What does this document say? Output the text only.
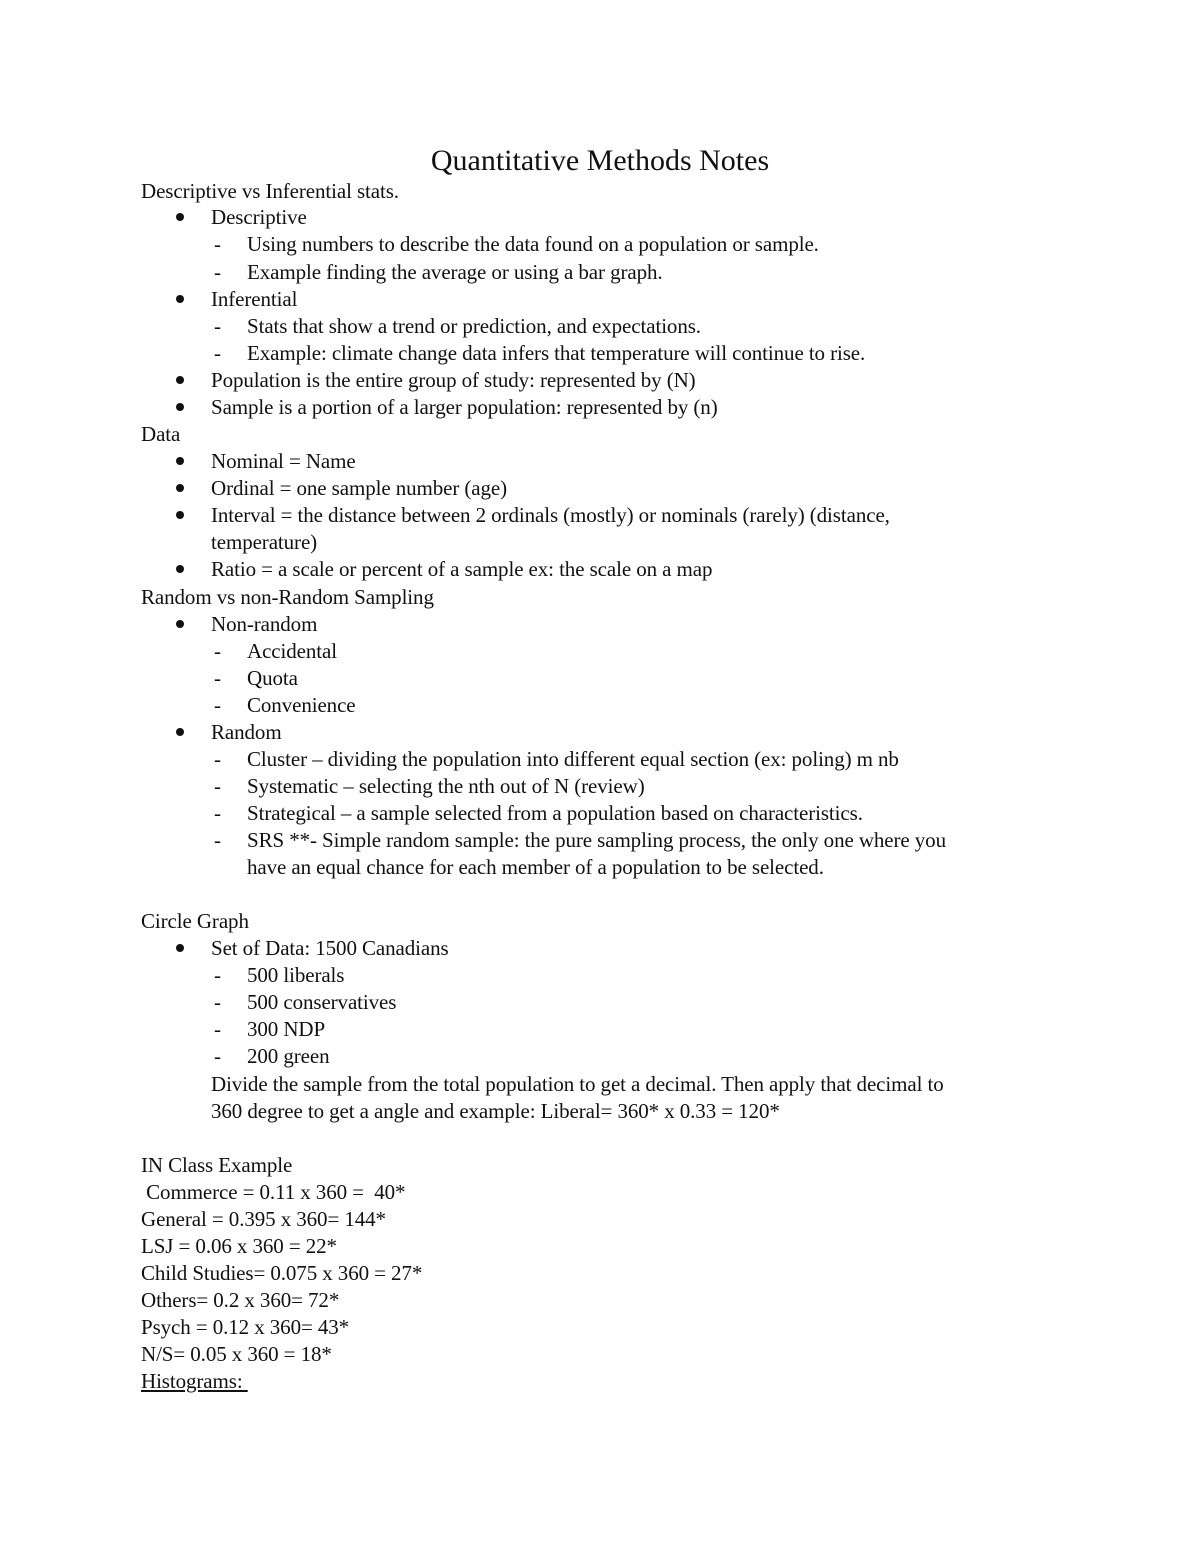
Quantitative Methods Notes
Descriptive vs Inferential stats.
Descriptive
- Using numbers to describe the data found on a population or sample.
- Example finding the average or using a bar graph.
Inferential
- Stats that show a trend or prediction, and expectations.
- Example: climate change data infers that temperature will continue to rise.
Population is the entire group of study: represented by (N)
Sample is a portion of a larger population: represented by (n)
Data
Nominal = Name
Ordinal = one sample number (age)
Interval = the distance between 2 ordinals (mostly) or nominals (rarely) (distance,
temperature)
Ratio = a scale or percent of a sample ex: the scale on a map
Random vs non-Random Sampling
Non-random
- Accidental
- Quota
- Convenience
Random
- Cluster – dividing the population into different equal section (ex: poling) m nb
- Systematic – selecting the nth out of N (review)
- Strategical – a sample selected from a population based on characteristics.
- SRS **- Simple random sample: the pure sampling process, the only one where you
have an equal chance for each member of a population to be selected.
Circle Graph
Set of Data: 1500 Canadians
- 500 liberals
- 500 conservatives
- 300 NDP
- 200 green
Divide the sample from the total population to get a decimal. Then apply that decimal to
360 degree to get a angle and example: Liberal= 360* x 0.33 = 120*
IN Class Example
Commerce = 0.11 x 360 =  40*
General = 0.395 x 360= 144*
LSJ = 0.06 x 360 = 22*
Child Studies= 0.075 x 360 = 27*
Others= 0.2 x 360= 72*
Psych = 0.12 x 360= 43*
N/S= 0.05 x 360 = 18*
Histograms:
